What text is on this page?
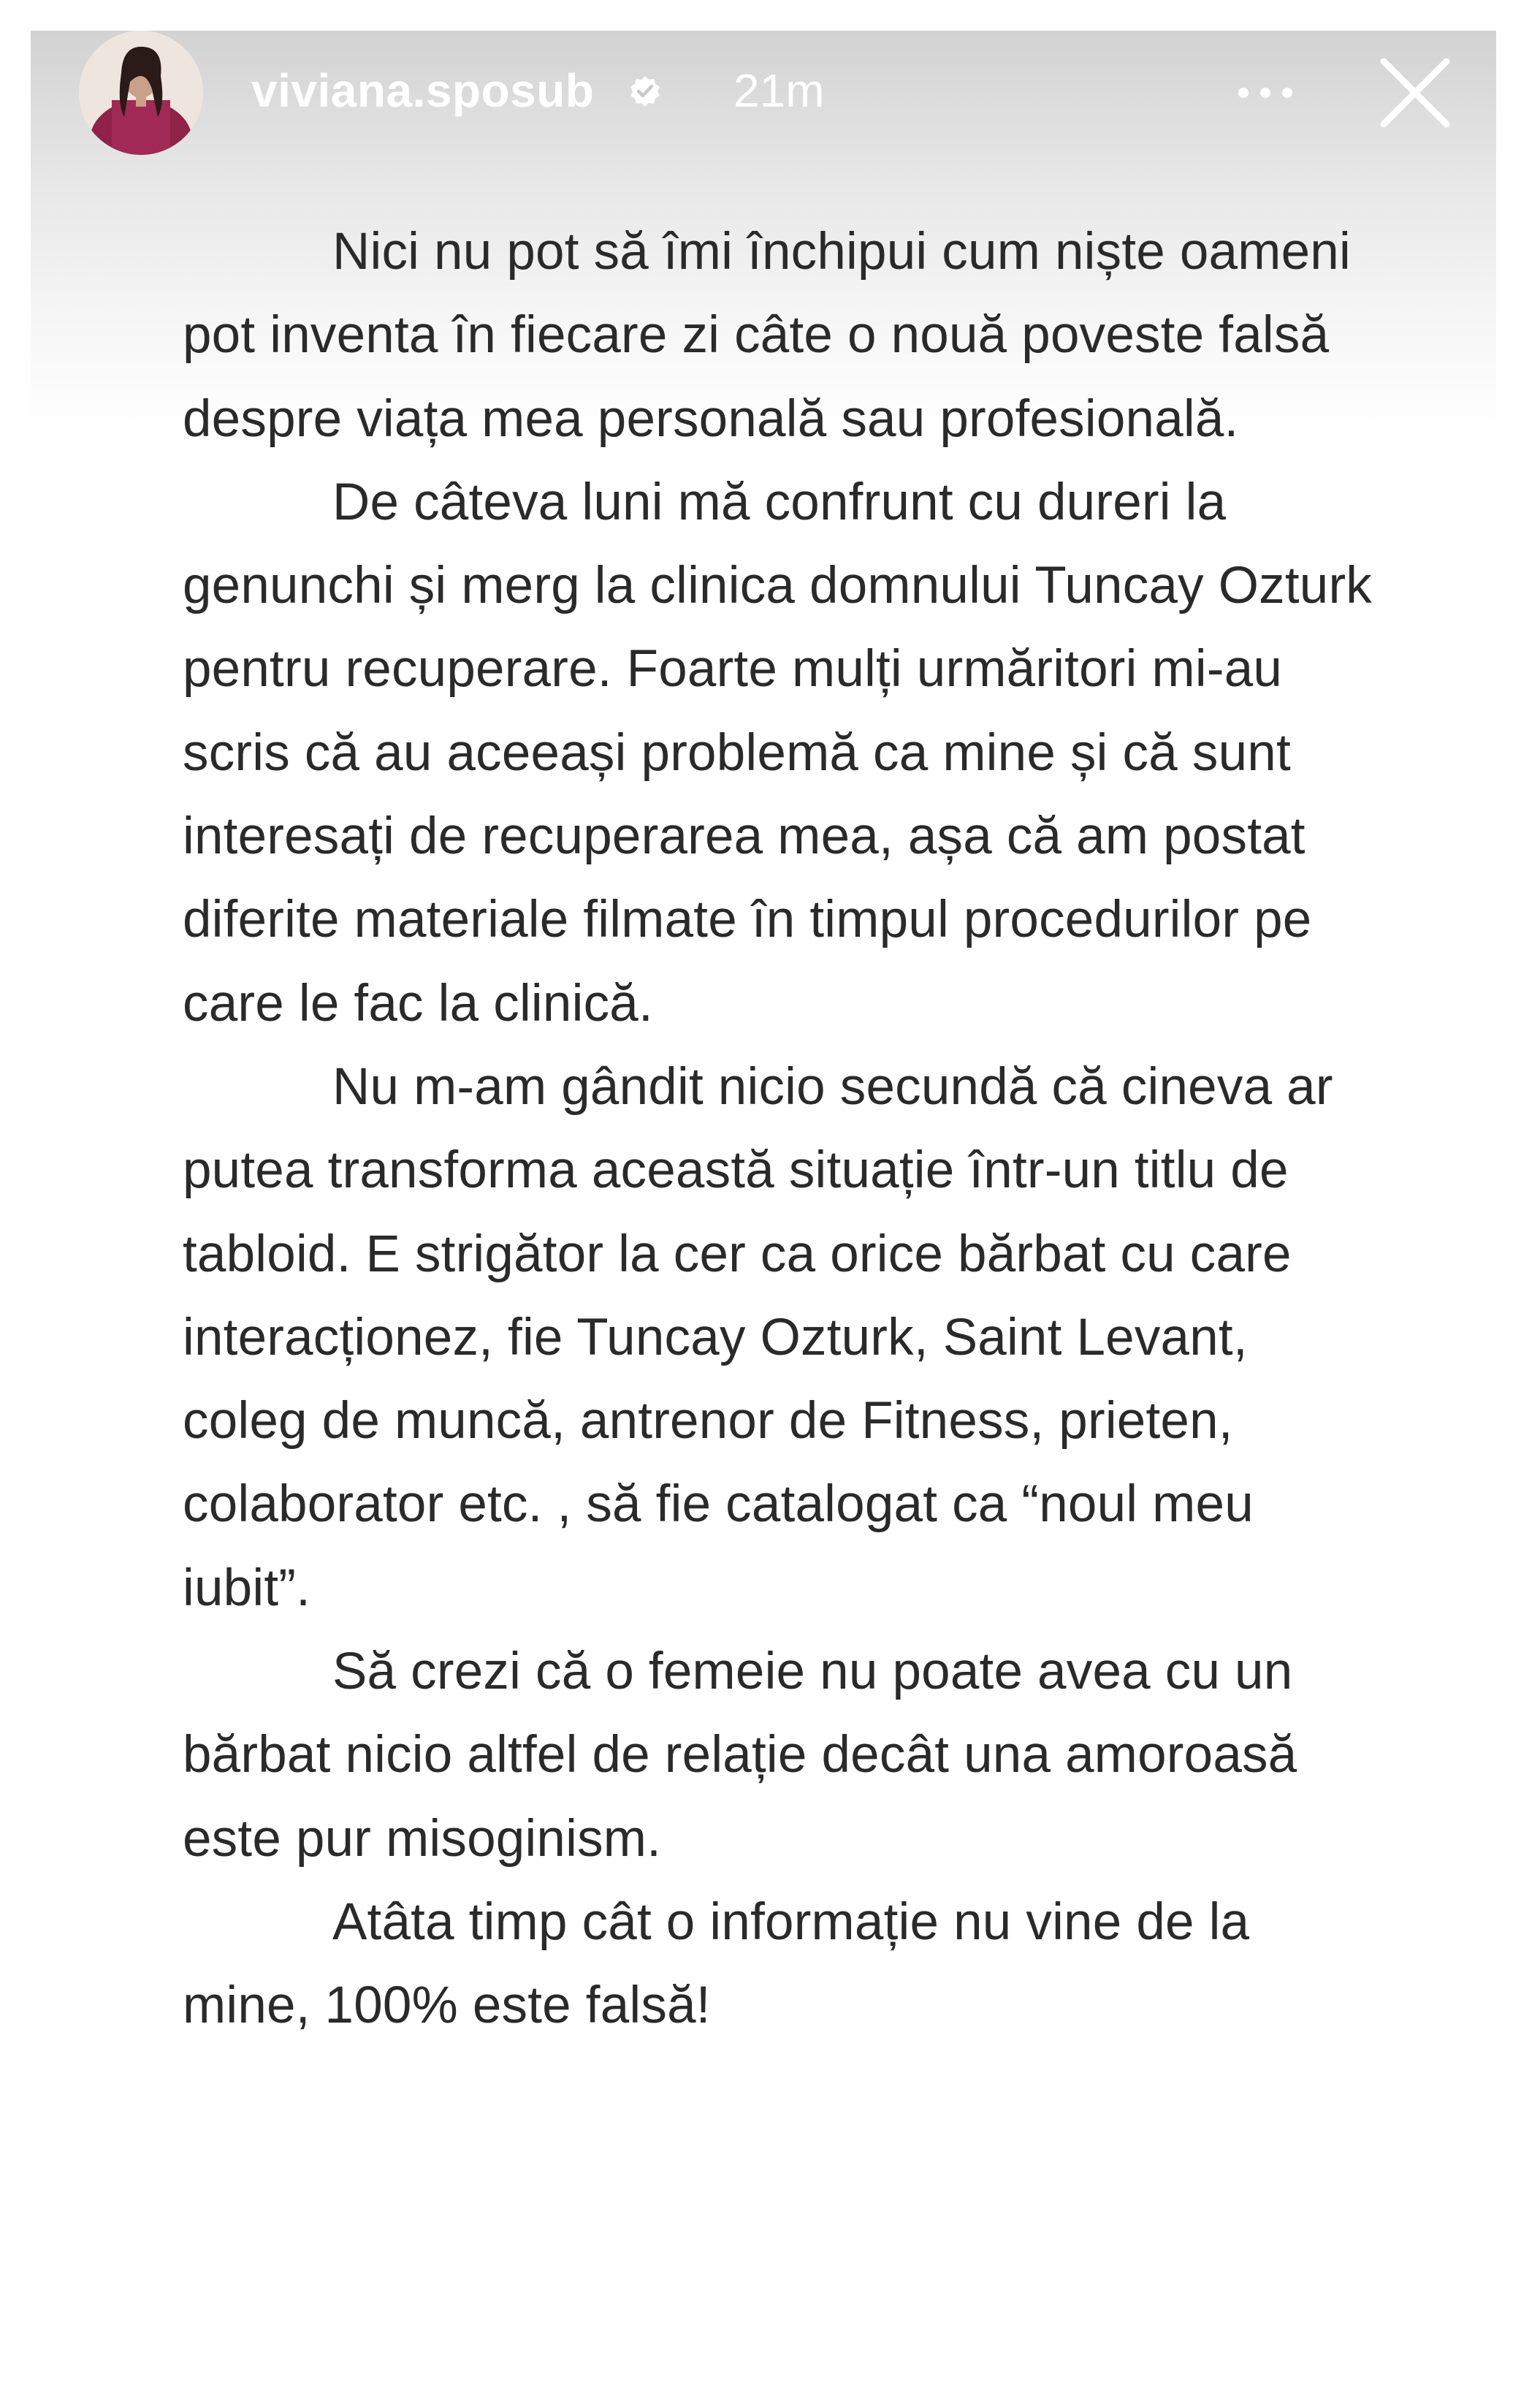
viviana.sposub	21m

Nici nu pot să îmi închipui cum niște oameni pot inventa în fiecare zi câte o nouă poveste falsă despre viața mea personală sau profesională.

De câteva luni mă confrunt cu dureri la genunchi și merg la clinica domnului Tuncay Ozturk pentru recuperare. Foarte mulți urmăritori mi-au scris că au aceeași problemă ca mine și că sunt interesați de recuperarea mea, așa că am postat diferite materiale filmate în timpul procedurilor pe care le fac la clinică.

Nu m-am gândit nicio secundă că cineva ar putea transforma această situație într-un titlu de tabloid. E strigător la cer ca orice bărbat cu care interacționez, fie Tuncay Ozturk, Saint Levant, coleg de muncă, antrenor de Fitness, prieten, colaborator etc. , să fie catalogat ca “noul meu iubit”.

Să crezi că o femeie nu poate avea cu un bărbat nicio altfel de relație decât una amoroasă este pur misoginism.

Atâta timp cât o informație nu vine de la mine, 100% este falsă!
